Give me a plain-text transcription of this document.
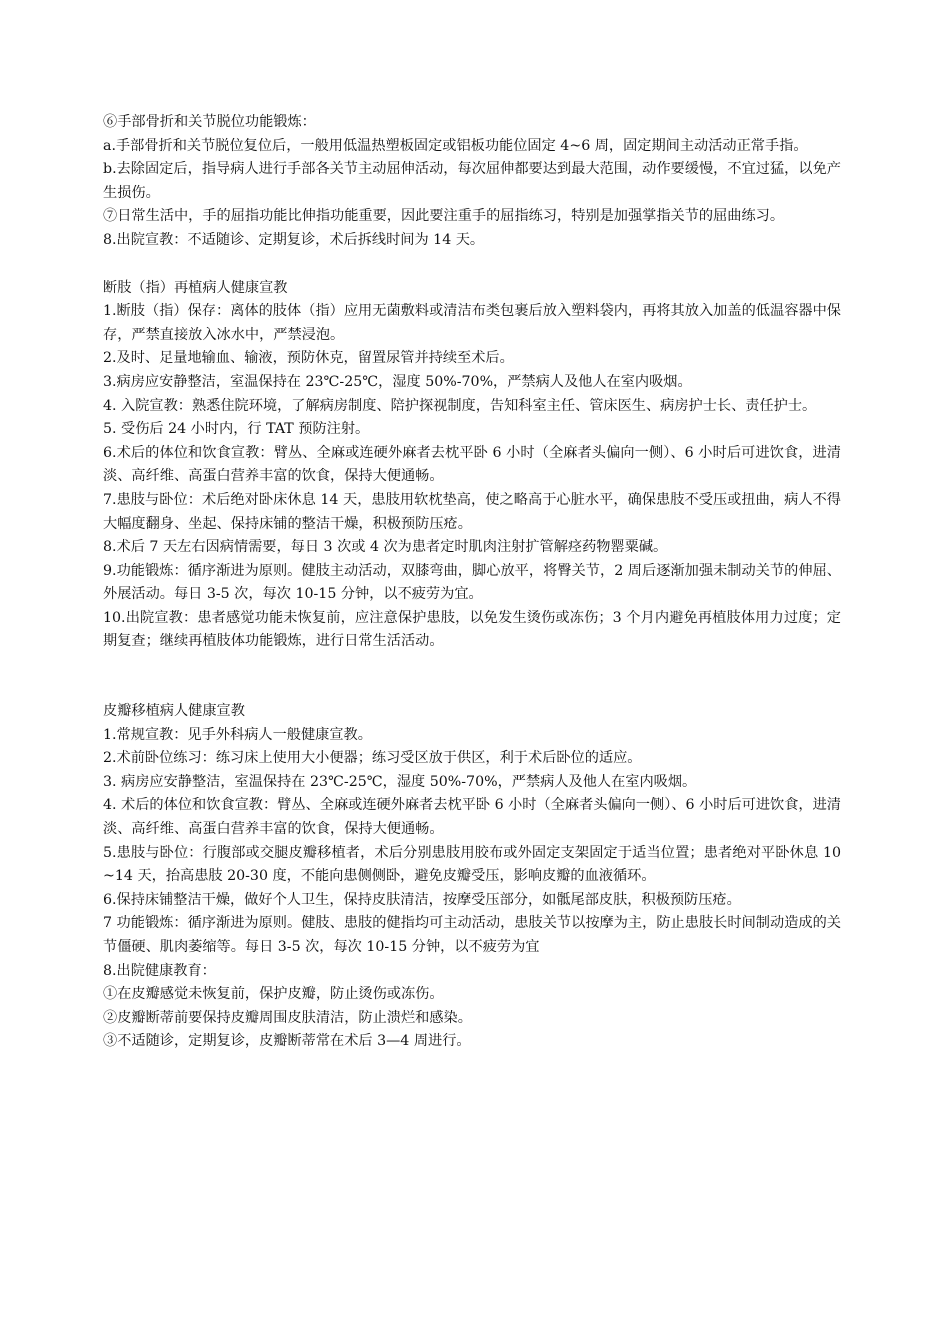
⑥手部骨折和关节脱位功能锻炼：

a.手部骨折和关节脱位复位后，一般用低温热塑板固定或铝板功能位固定 4~6 周，固定期间主动活动正常手指。

b.去除固定后，指导病人进行手部各关节主动屈伸活动，每次屈伸都要达到最大范围，动作要缓慢，不宜过猛，以免产生损伤。

⑦日常生活中，手的屈指功能比伸指功能重要，因此要注重手的屈指练习，特别是加强掌指关节的屈曲练习。

8.出院宣教：不适随诊、定期复诊，术后拆线时间为 14 天。

断肢（指）再植病人健康宣教

1.断肢（指）保存：离体的肢体（指）应用无菌敷料或清洁布类包裹后放入塑料袋内，再将其放入加盖的低温容器中保存，严禁直接放入冰水中，严禁浸泡。

2.及时、足量地输血、输液，预防休克，留置尿管并持续至术后。

3.病房应安静整洁，室温保持在 23℃-25℃，湿度 50%-70%，严禁病人及他人在室内吸烟。

4. 入院宣教：熟悉住院环境，了解病房制度、陪护探视制度，告知科室主任、管床医生、病房护士长、责任护士。

5. 受伤后 24 小时内，行 TAT 预防注射。

6.术后的体位和饮食宣教：臂丛、全麻或连硬外麻者去枕平卧 6 小时（全麻者头偏向一侧）、6 小时后可进饮食，进清淡、高纤维、高蛋白营养丰富的饮食，保持大便通畅。

7.患肢与卧位：术后绝对卧床休息 14 天，患肢用软枕垫高，使之略高于心脏水平，确保患肢不受压或扭曲，病人不得大幅度翻身、坐起、保持床铺的整洁干燥，积极预防压疮。

8.术后 7 天左右因病情需要，每日 3 次或 4 次为患者定时肌肉注射扩管解痉药物罂粟碱。

9.功能锻炼：循序渐进为原则。健肢主动活动，双膝弯曲，脚心放平，将臀关节，2 周后逐渐加强未制动关节的伸屈、外展活动。每日 3-5 次，每次 10-15 分钟，以不疲劳为宜。

10.出院宣教：患者感觉功能未恢复前，应注意保护患肢，以免发生烫伤或冻伤；3 个月内避免再植肢体用力过度；定期复查；继续再植肢体功能锻炼，进行日常生活活动。

皮瓣移植病人健康宣教

1.常规宣教：见手外科病人一般健康宣教。

2.术前卧位练习：练习床上使用大小便器；练习受区放于供区，利于术后卧位的适应。

3. 病房应安静整洁，室温保持在 23℃-25℃，湿度 50%-70%，严禁病人及他人在室内吸烟。

4. 术后的体位和饮食宣教：臂丛、全麻或连硬外麻者去枕平卧 6 小时（全麻者头偏向一侧）、6 小时后可进饮食，进清淡、高纤维、高蛋白营养丰富的饮食，保持大便通畅。

5.患肢与卧位：行腹部或交腿皮瓣移植者，术后分别患肢用胶布或外固定支架固定于适当位置；患者绝对平卧休息 10~14 天，抬高患肢 20-30 度，不能向患侧侧卧，避免皮瓣受压，影响皮瓣的血液循环。

6.保持床铺整洁干燥，做好个人卫生，保持皮肤清洁，按摩受压部分，如骶尾部皮肤，积极预防压疮。

7 功能锻炼：循序渐进为原则。健肢、患肢的健指均可主动活动，患肢关节以按摩为主，防止患肢长时间制动造成的关节僵硬、肌肉萎缩等。每日 3-5 次，每次 10-15 分钟，以不疲劳为宜

8.出院健康教育：

①在皮瓣感觉未恢复前，保护皮瓣，防止烫伤或冻伤。

②皮瓣断蒂前要保持皮瓣周围皮肤清洁，防止溃烂和感染。

③不适随诊，定期复诊，皮瓣断蒂常在术后 3—4 周进行。
